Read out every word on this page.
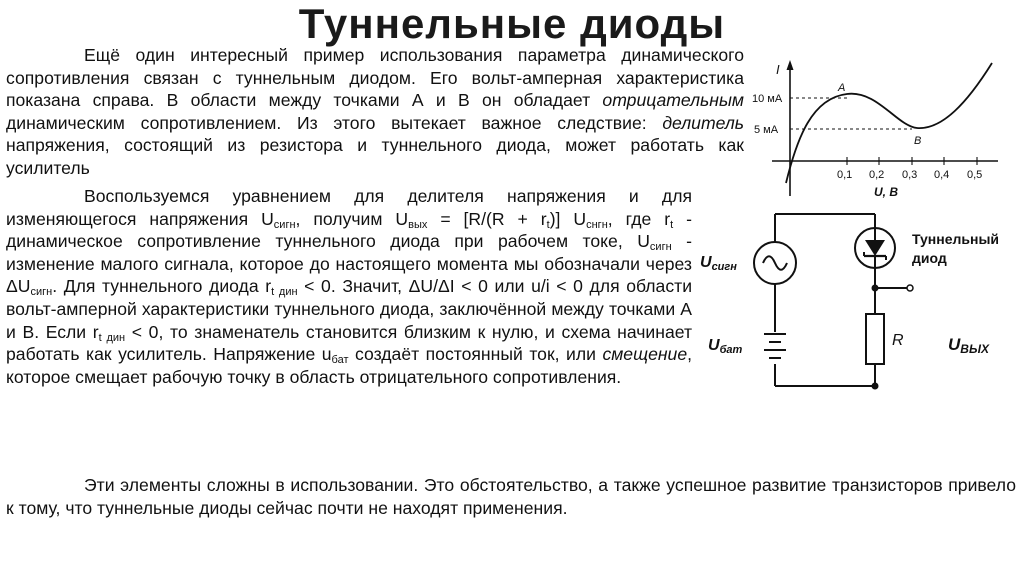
Туннельные диоды
Ещё один интересный пример использования параметра динамического сопротивления связан с туннельным диодом. Его вольт-амперная характеристика показана справа. В области между точками А и В он обладает отрицательным динамическим сопротивлением. Из этого вытекает важное следствие: делитель напряжения, состоящий из резистора и туннельного диода, может работать как усилитель
Воспользуемся уравнением для делителя напряжения и для изменяющегося напряжения $U_{сигн}$, получим $U_{вых} = [R/(R + r_t)]$ $U_{снгн}$, где $r_t$ - динамическое сопротивление туннельного диода при рабочем токе, $U_{сигн}$ - изменение малого сигнала, которое до настоящего момента мы обозначали через $\Delta U_{сигн}$. Для туннельного диода $r_{t дин} < 0$. Значит, ΔU/ΔI < 0 или u/i < 0 для области вольт-амперной характеристики туннельного диода, заключённой между точками A и B. Если $r_{t дин} < 0$, то знаменатель становится близким к нулю, и схема начинает работать как усилитель. Напряжение $u_{бат}$ создаёт постоянный ток, или смещение, которое смещает рабочую точку в область отрицательного сопротивления.
Эти элементы сложны в использовании. Это обстоятельство, а также успешное развитие транзисторов привело к тому, что туннельные диоды сейчас почти не находят применения.
I
10 мА
5 мА
A
B
0,1 0,2 0,3 0,4 0,5
U, В
Uсигн
Uбат
R	UВЫХ
Туннельный
диод
